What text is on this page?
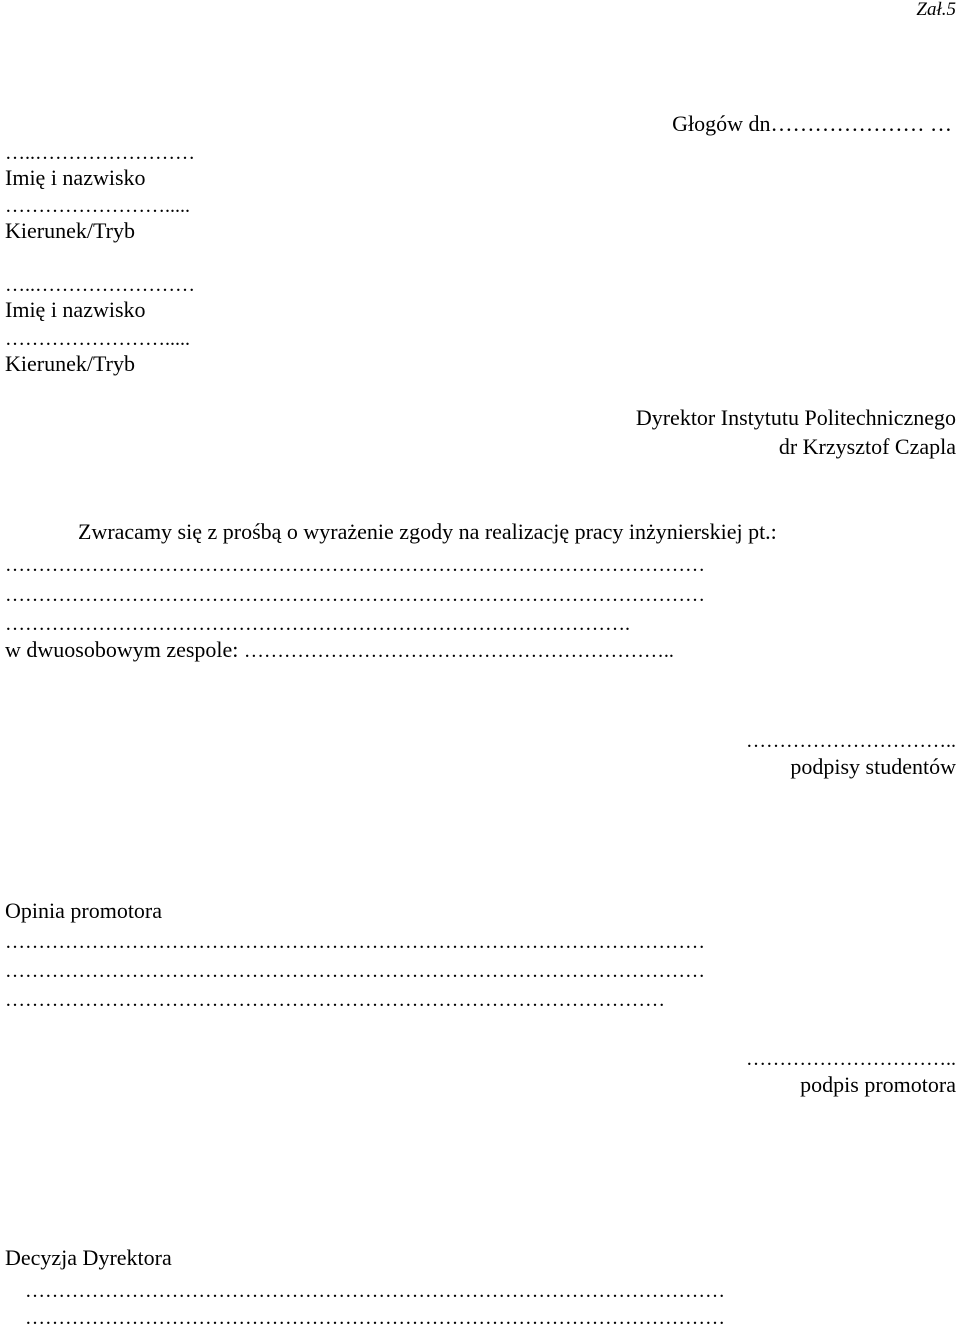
Zał.5
Głogów dn………………… …
…..……………………
Imię i nazwisko
…………………….....
Kierunek/Tryb
…..……………………
Imię i nazwisko
…………………….....
Kierunek/Tryb
Dyrektor Instytutu Politechnicznego
dr Krzysztof Czapla
Zwracamy się z prośbą o wyrażenie zgody na realizację pracy inżynierskiej pt.:
……………………………………………………………………………………………
……………………………………………………………………………………………
………………………………………………………………………………….
w dwuosobowym zespole: ………………………………………………………..
…………………………..
podpisy studentów
Opinia promotora
……………………………………………………………………………………………
……………………………………………………………………………………………
………………………………………………………………………………………
…………………………..
podpis promotora
Decyzja Dyrektora
……………………………………………………………………………………………
……………………………………………………………………………………………
